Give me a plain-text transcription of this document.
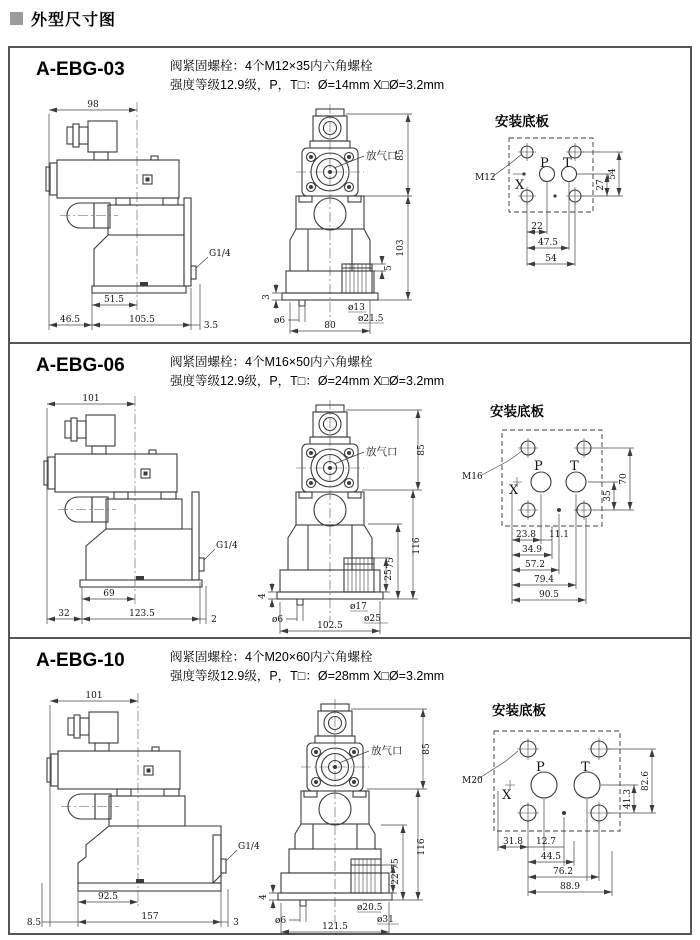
外型尺寸图
A-EBG-03	阀紧固螺栓：4个M12×35内六角螺栓
强度等级12.9级，P，T□：Ø=14mm X□Ø=3.2mm
98
G1/4
51.5
46.5	105.5
3.5
放气口
85
103
3
5
ø6
ø13
ø21.5
80
安装底板
P T
X
M12
27
54
22
47.5
54
A-EBG-06	阀紧固螺栓：4个M16×50内六角螺栓
强度等级12.9级，P，T□：Ø=24mm X□Ø=3.2mm
101
G1/4
69
32	123.5
2
放气口 85
116
75
4
25
ø6
ø17
ø25
102.5
安装底板
P T
X
M16
35
70
23.8 11.1
34.9
57.2
79.4
90.5
A-EBG-10	阀紧固螺栓：4个M20×60内六角螺栓
强度等级12.9级，P，T□：Ø=28mm X□Ø=3.2mm
101
G1/4
92.5
8.5
157
3
放气口 85
116
75
4
22
ø6
ø20.5
ø31
121.5
安装底板
P	T
X
M20
41.3
82.6
31.8 12.7
44.5
76.2
88.9
